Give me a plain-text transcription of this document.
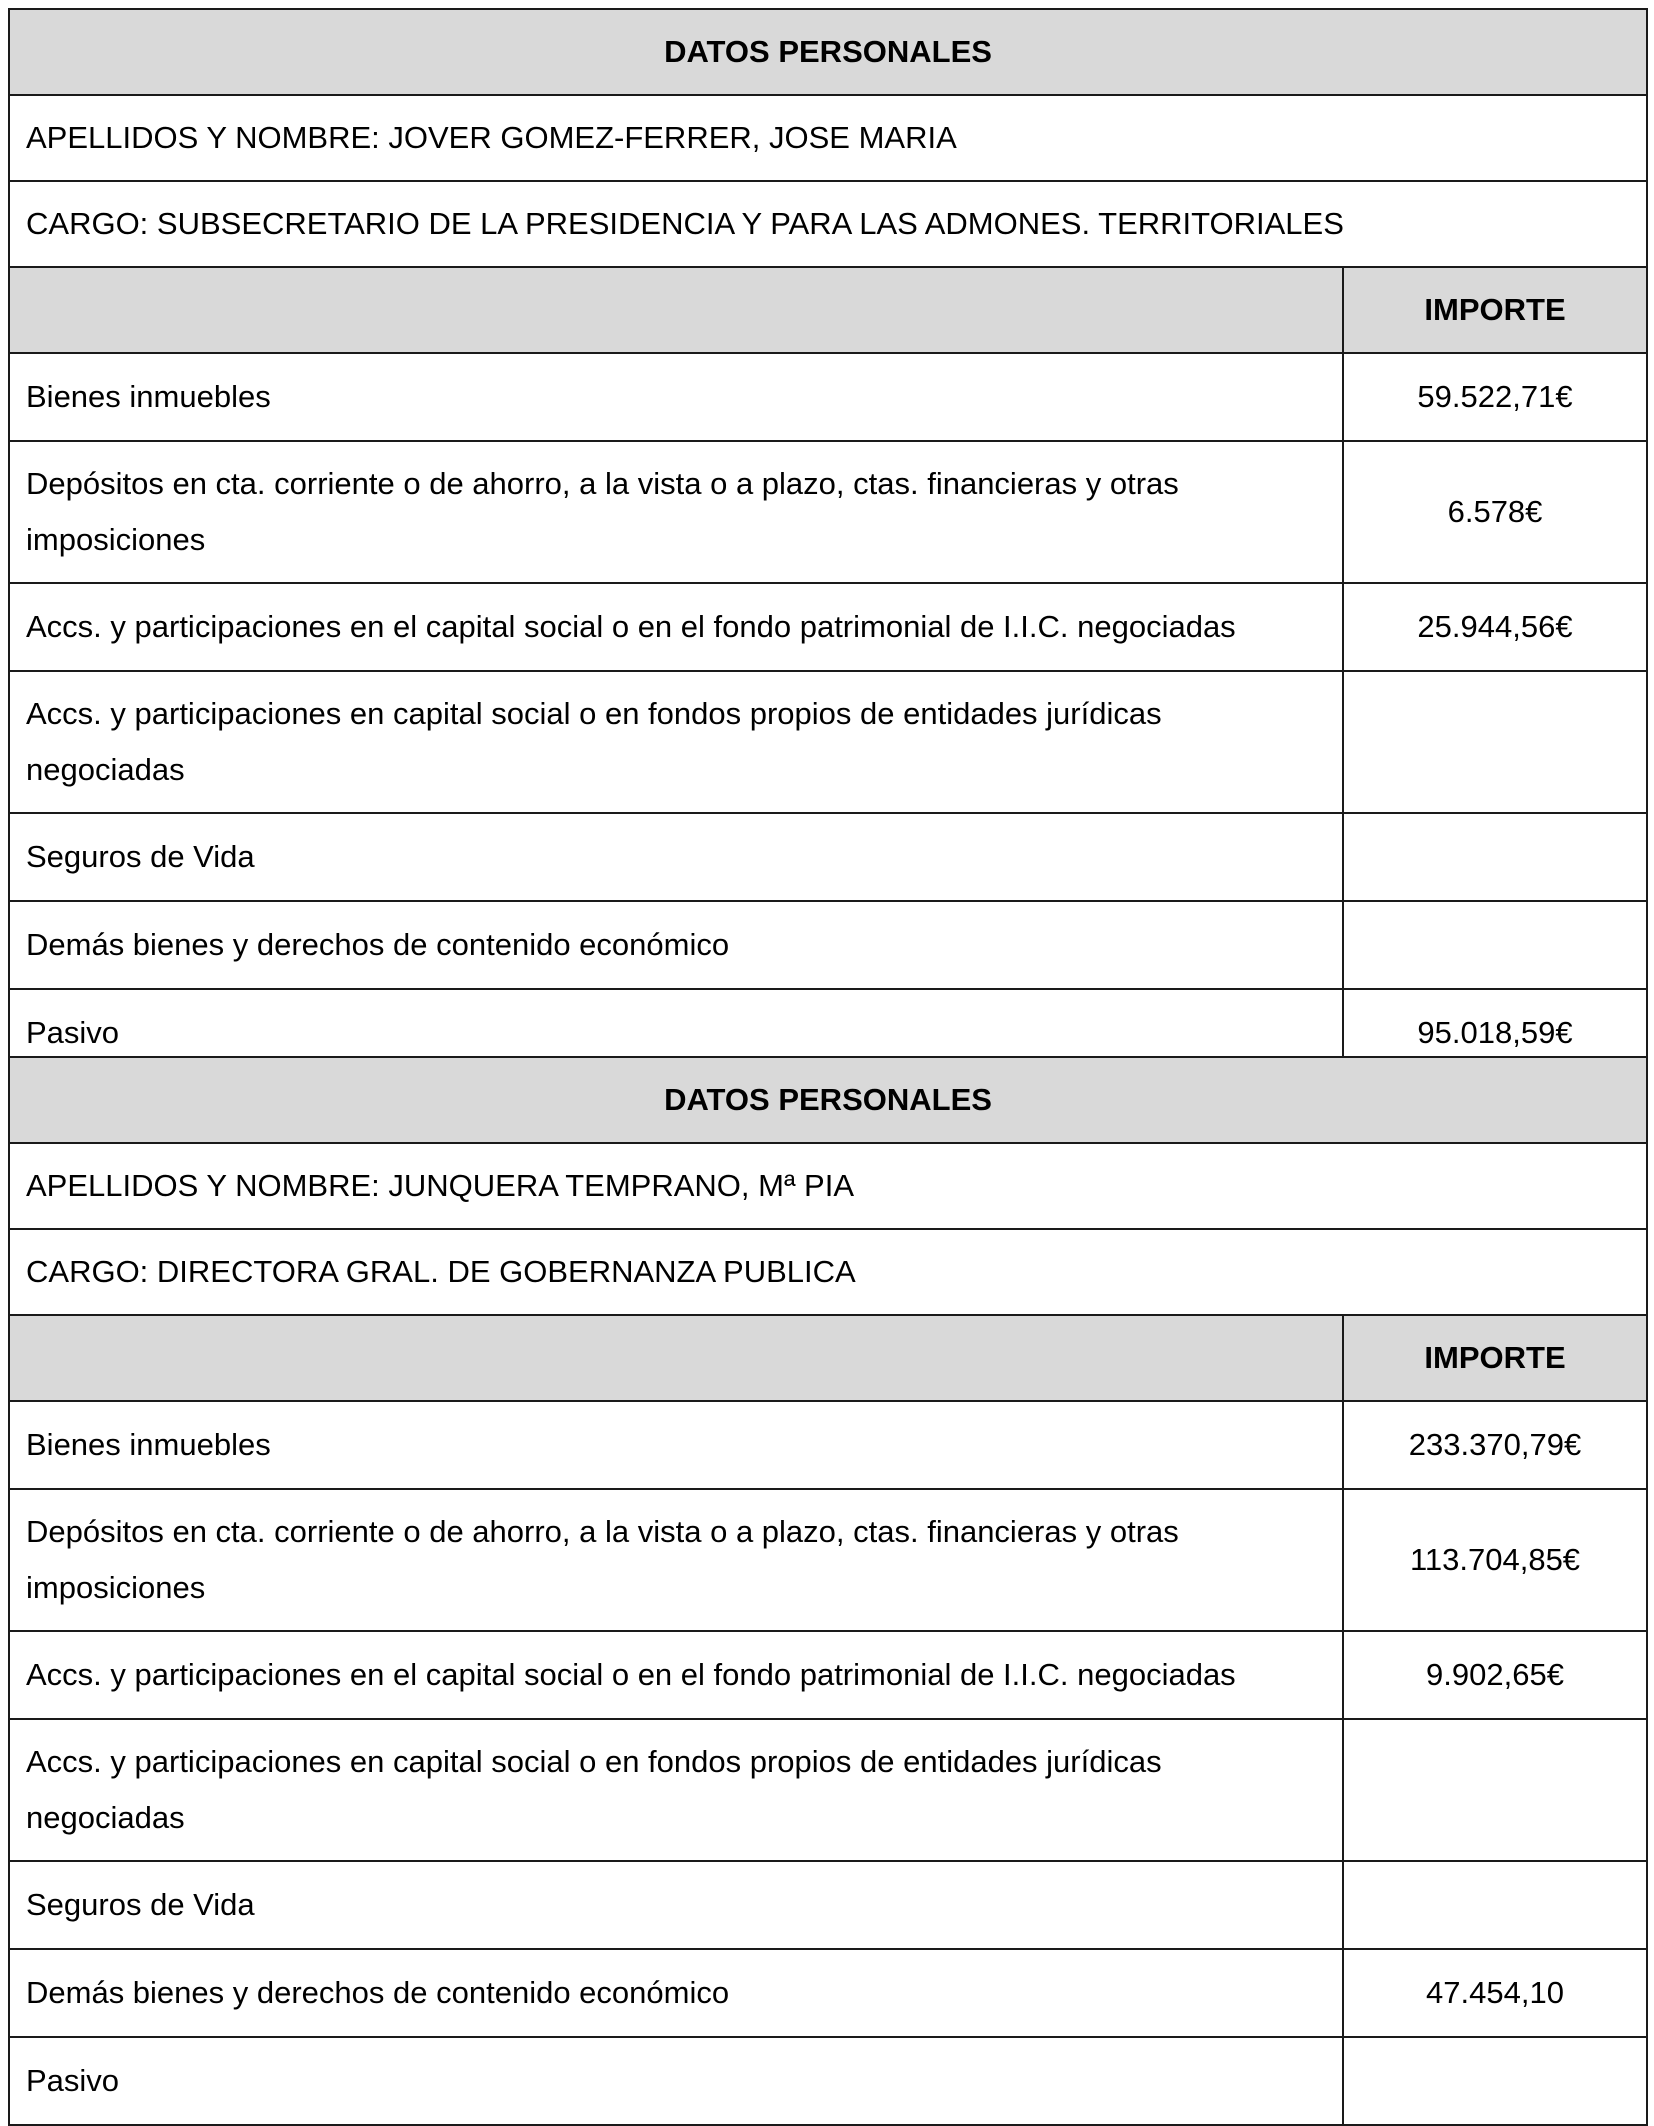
DATOS PERSONALES	
APELLIDOS Y NOMBRE: JOVER GOMEZ-FERRER, JOSE MARIA	
CARGO: SUBSECRETARIO DE LA PRESIDENCIA Y PARA LAS ADMONES. TERRITORIALES	
	IMPORTE
Bienes inmuebles	59.522,71€
Depósitos en cta. corriente o de ahorro, a la vista o a plazo, ctas. financieras y otras imposiciones	6.578€
Accs. y participaciones en el capital social o en el fondo patrimonial de I.I.C. negociadas	25.944,56€
Accs. y participaciones en capital social o en fondos propios de entidades jurídicas negociadas	
Seguros de Vida	
Demás bienes y derechos de contenido económico	
Pasivo	95.018,59€
DATOS PERSONALES	
APELLIDOS Y NOMBRE: JUNQUERA TEMPRANO, Mª PIA	
CARGO: DIRECTORA GRAL. DE GOBERNANZA PUBLICA	
	IMPORTE
Bienes inmuebles	233.370,79€
Depósitos en cta. corriente o de ahorro, a la vista o a plazo, ctas. financieras y otras imposiciones	113.704,85€
Accs. y participaciones en el capital social o en el fondo patrimonial de I.I.C. negociadas	9.902,65€
Accs. y participaciones en capital social o en fondos propios de entidades jurídicas negociadas	
Seguros de Vida	
Demás bienes y derechos de contenido económico	47.454,10
Pasivo	
